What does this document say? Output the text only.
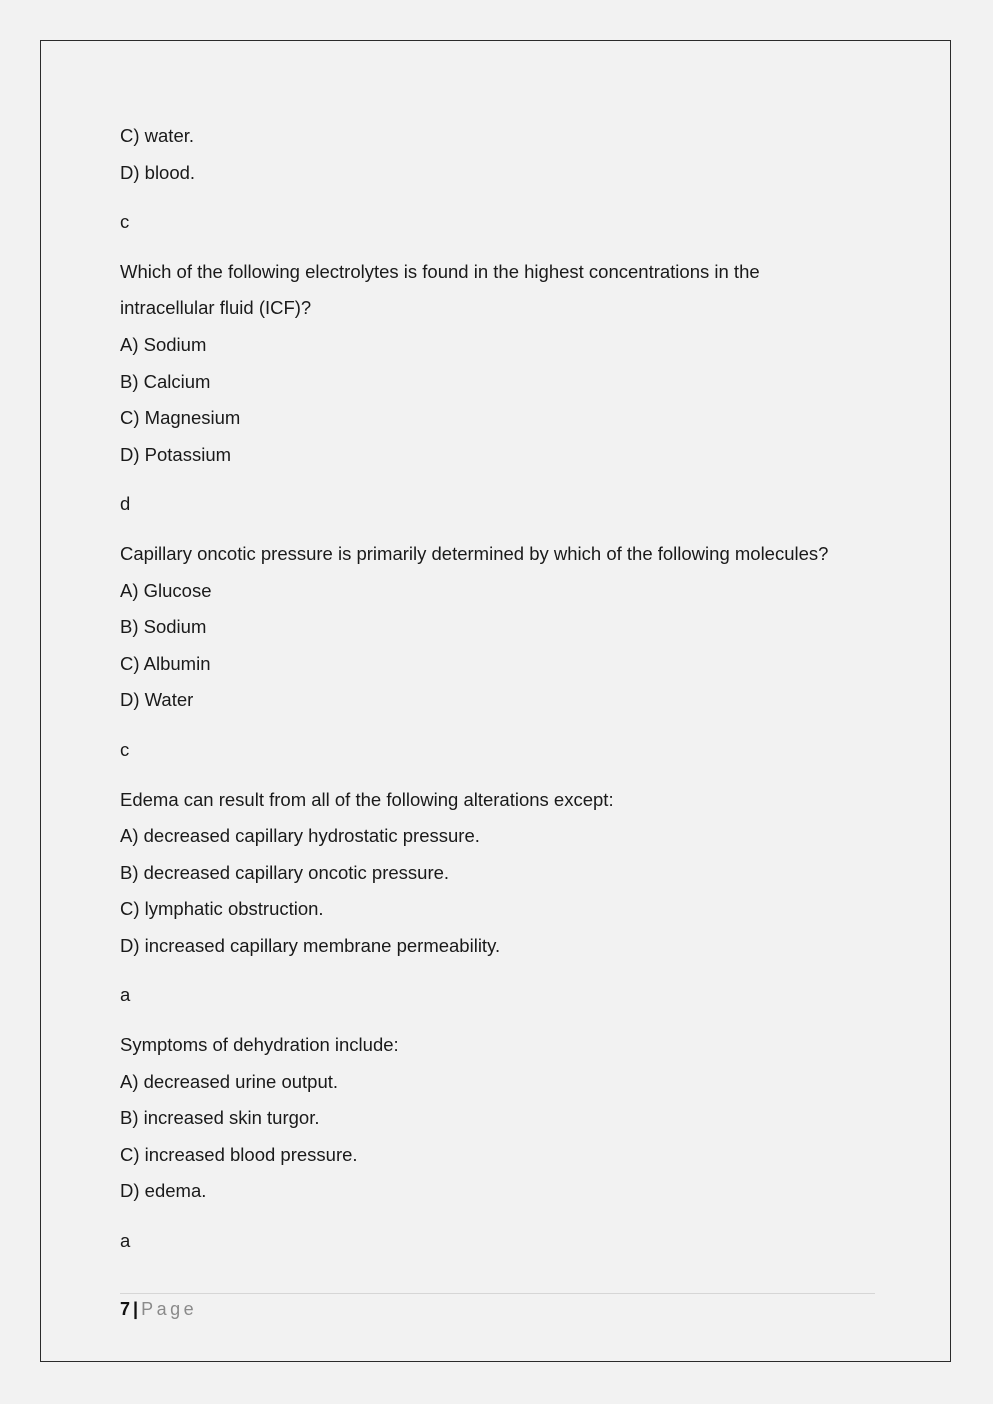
C) water.
D) blood.
c
Which of the following electrolytes is found in the highest concentrations in the
intracellular fluid (ICF)?
A) Sodium
B) Calcium
C) Magnesium
D) Potassium
d
Capillary oncotic pressure is primarily determined by which of the following molecules?
A) Glucose
B) Sodium
C) Albumin
D) Water
c
Edema can result from all of the following alterations except:
A) decreased capillary hydrostatic pressure.
B) decreased capillary oncotic pressure.
C) lymphatic obstruction.
D) increased capillary membrane permeability.
a
Symptoms of dehydration include:
A) decreased urine output.
B) increased skin turgor.
C) increased blood pressure.
D) edema.
a
7 | Page
